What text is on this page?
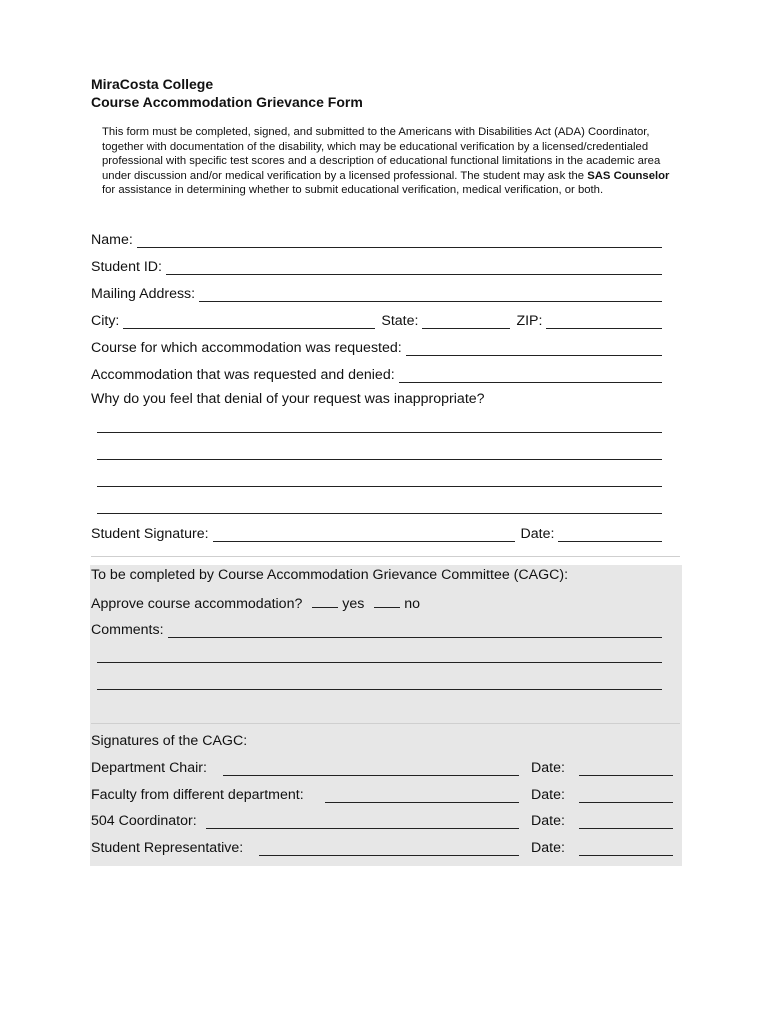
MiraCosta College
Course Accommodation Grievance Form
This form must be completed, signed, and submitted to the Americans with Disabilities Act (ADA) Coordinator, together with documentation of the disability, which may be educational verification by a licensed/credentialed professional with specific test scores and a description of educational functional limitations in the academic area under discussion and/or medical verification by a licensed professional. The student may ask the SAS Counselor for assistance in determining whether to submit educational verification, medical verification, or both.
Name:
Student ID:
Mailing Address:
City:	State:	ZIP:
Course for which accommodation was requested:
Accommodation that was requested and denied:
Why do you feel that denial of your request was inappropriate?
Student Signature:	Date:
To be completed by Course Accommodation Grievance Committee (CAGC):
Approve course accommodation?	yes	no
Comments:
Signatures of the CAGC:
Department Chair:	Date:
Faculty from different department:	Date:
504 Coordinator:	Date:
Student Representative:	Date:
